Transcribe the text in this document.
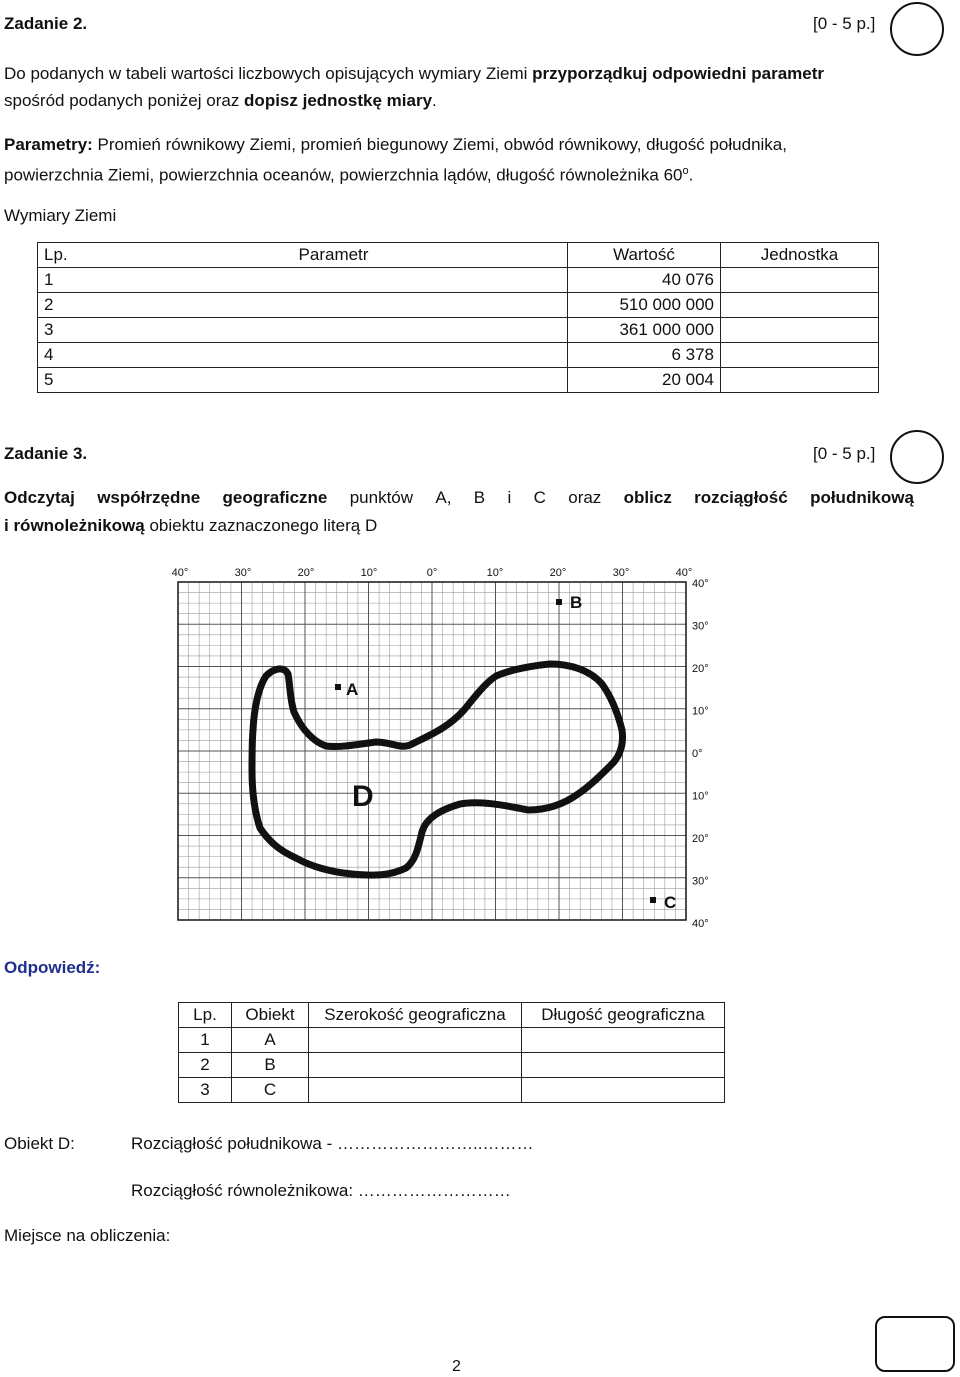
Zadanie 2.	[0 - 5 p.]
Do podanych w tabeli wartości liczbowych opisujących wymiary Ziemi przyporządkuj odpowiedni parametr
spośród podanych poniżej oraz dopisz jednostkę miary.
Parametry: Promień równikowy Ziemi, promień biegunowy Ziemi, obwód równikowy, długość południka,
powierzchnia Ziemi, powierzchnia oceanów, powierzchnia lądów, długość równoleżnika 60$^o$.
Wymiary Ziemi
Lp.	Parametr	Wartość	Jednostka
1		40 076	
2		510 000 000	
3		361 000 000	
4		6 378	
5		20 004	
Zadanie 3.	[0 - 5 p.]
Odczytaj współrzędne geograficzne punktów A, B i C oraz oblicz rozciągłość południkową
i równoleżnikową obiektu zaznaczonego literą D
40°	30°	20°	10°	0°	10°	20°	30°	40°
40°
30°
20°
10°
0°
10°
20°
30°
40°
A
B
C
D
Odpowiedź:
Lp.	Obiekt	Szerokość geograficzna	Długość geograficzna
1	A		
2	B		
3	C		
Obiekt D:	Rozciągłość południkowa - ……………………..………
Rozciągłość równoleżnikowa: ………………………
Miejsce na obliczenia:
2
